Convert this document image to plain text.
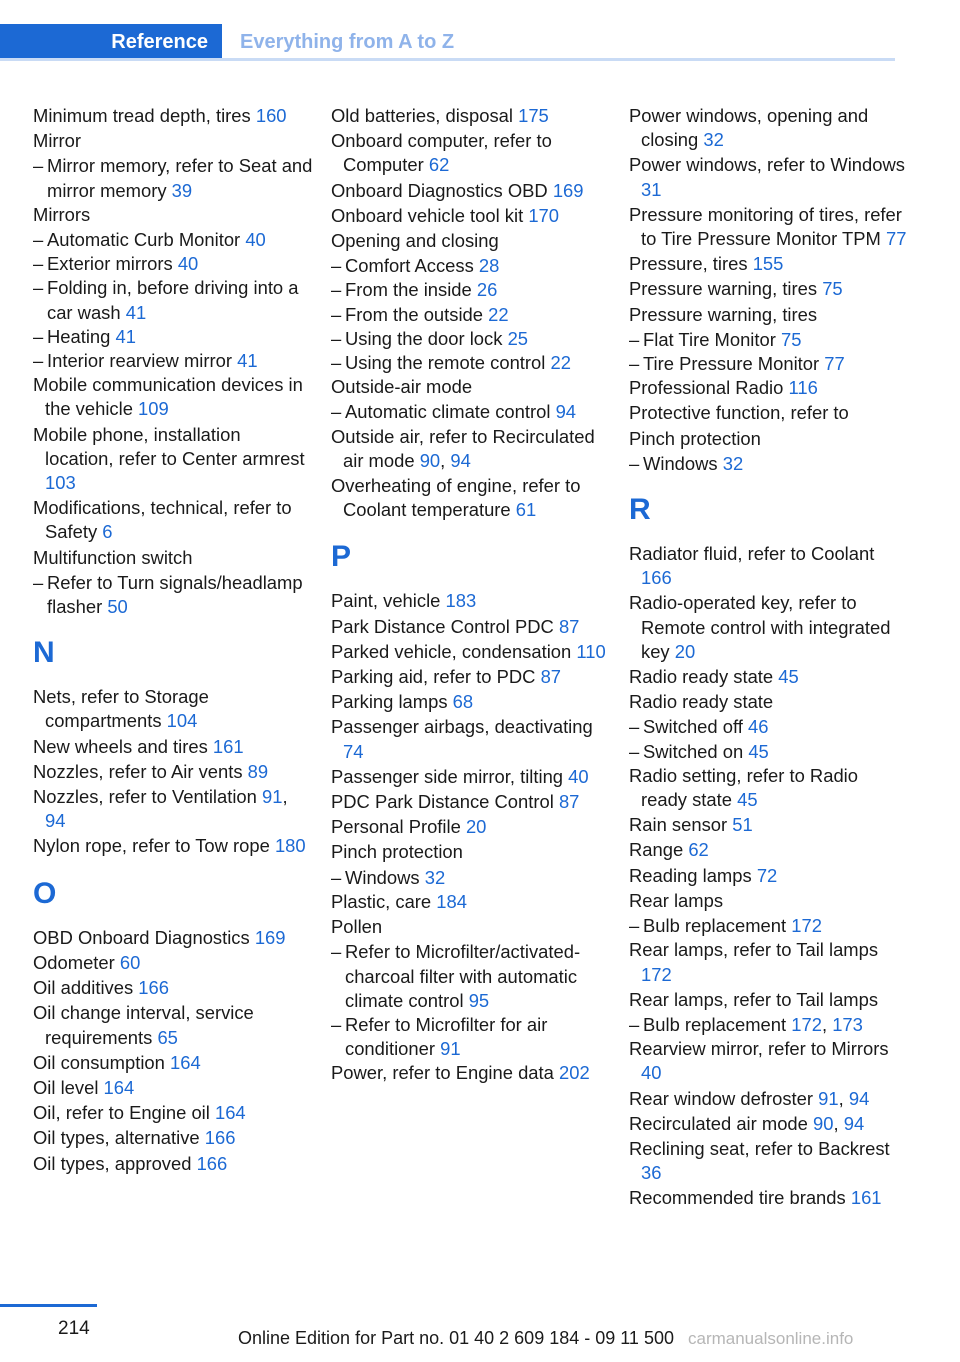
Reference Everything from A to Z
Minimum tread depth, tires 160
Mirror
– Mirror memory, refer to Seat and mirror memory 39
Mirrors
– Automatic Curb Monitor 40
– Exterior mirrors 40
– Folding in, before driving into a car wash 41
– Heating 41
– Interior rearview mirror 41
Mobile communication devices in the vehicle 109
Mobile phone, installation location, refer to Center armrest 103
Modifications, technical, refer to Safety 6
Multifunction switch
– Refer to Turn signals/headlamp flasher 50
N
Nets, refer to Storage compartments 104
New wheels and tires 161
Nozzles, refer to Air vents 89
Nozzles, refer to Ventilation 91, 94
Nylon rope, refer to Tow rope 180
O
OBD Onboard Diagnostics 169
Odometer 60
Oil additives 166
Oil change interval, service requirements 65
Oil consumption 164
Oil level 164
Oil, refer to Engine oil 164
Oil types, alternative 166
Oil types, approved 166
Old batteries, disposal 175
Onboard computer, refer to Computer 62
Onboard Diagnostics OBD 169
Onboard vehicle tool kit 170
Opening and closing
– Comfort Access 28
– From the inside 26
– From the outside 22
– Using the door lock 25
– Using the remote control 22
Outside-air mode
– Automatic climate control 94
Outside air, refer to Recirculated air mode 90, 94
Overheating of engine, refer to Coolant temperature 61
P
Paint, vehicle 183
Park Distance Control PDC 87
Parked vehicle, condensation 110
Parking aid, refer to PDC 87
Parking lamps 68
Passenger airbags, deactivating 74
Passenger side mirror, tilting 40
PDC Park Distance Control 87
Personal Profile 20
Pinch protection
– Windows 32
Plastic, care 184
Pollen
– Refer to Microfilter/activated-charcoal filter with automatic climate control 95
– Refer to Microfilter for air conditioner 91
Power, refer to Engine data 202
Power windows, opening and closing 32
Power windows, refer to Windows 31
Pressure monitoring of tires, refer to Tire Pressure Monitor TPM 77
Pressure, tires 155
Pressure warning, tires 75
Pressure warning, tires
– Flat Tire Monitor 75
– Tire Pressure Monitor 77
Professional Radio 116
Protective function, refer to
Pinch protection
– Windows 32
R
Radiator fluid, refer to Coolant 166
Radio-operated key, refer to Remote control with integrated key 20
Radio ready state 45
Radio ready state
– Switched off 46
– Switched on 45
Radio setting, refer to Radio ready state 45
Rain sensor 51
Range 62
Reading lamps 72
Rear lamps
– Bulb replacement 172
Rear lamps, refer to Tail lamps 172
Rear lamps, refer to Tail lamps
– Bulb replacement 172, 173
Rearview mirror, refer to Mirrors 40
Rear window defroster 91, 94
Recirculated air mode 90, 94
Reclining seat, refer to Backrest 36
Recommended tire brands 161
214	Online Edition for Part no. 01 40 2 609 184 - 09 11 500 carmanualsonline.info
